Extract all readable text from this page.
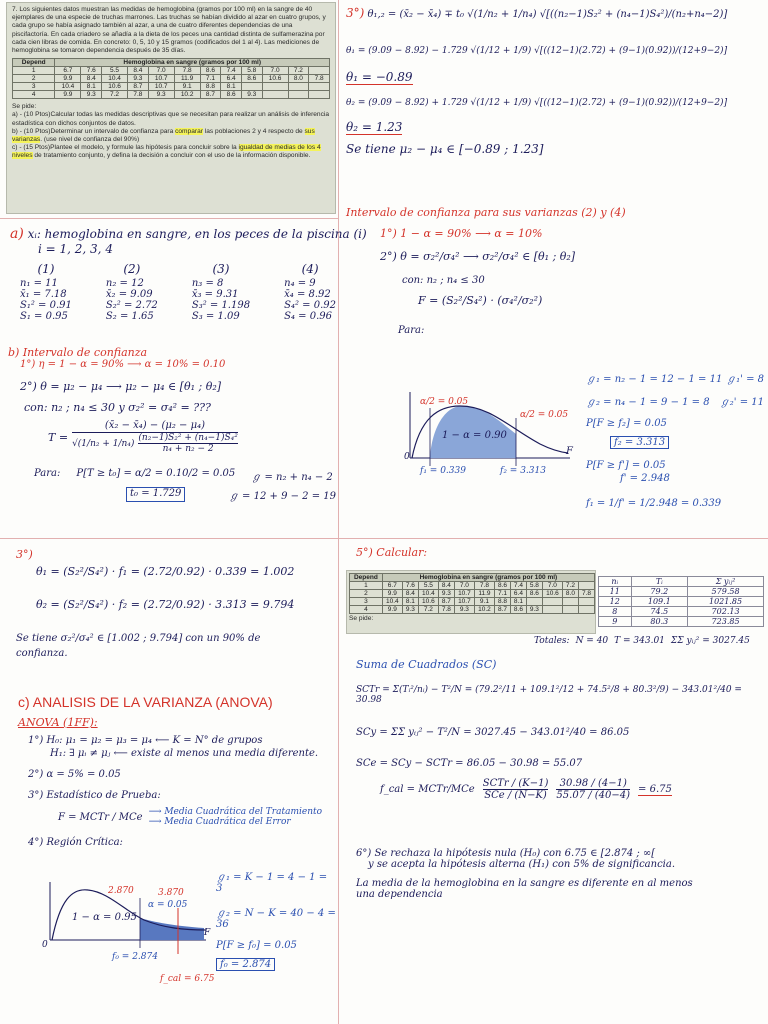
7. Los siguientes datos muestran las medidas de hemoglobina (gramos por 100 ml) en la sangre de 40 ejemplares de una especie de truchas marrones. Las truchas se habían dividido al azar en cuatro grupos, y cada grupo se había asignado también al azar, a una de cuatro diferentes dependencias de una piscifactoría. En cada criadero se añadía a la dieta de los peces una cantidad distinta de sulfamerazina por cada cien libras de comida. En concreto: 0, 5, 10 y 15 gramos (codificados del 1 al 4). Las mediciones de hemoglobina se tomaron dependencia después de 35 días.
Depend	Hemoglobina en sangre (gramos por 100 ml)											
1	6.7	7.6	5.5	8.4	7.0	7.8	8.6	7.4	5.8	7.0	7.2	
2	9.9	8.4	10.4	9.3	10.7	11.9	7.1	6.4	8.6	10.6	8.0	7.8
3	10.4	8.1	10.6	8.7	10.7	9.1	8.8	8.1				
4	9.9	9.3	7.2	7.8	9.3	10.2	8.7	8.6	9.3			
Se pide:
a) - (10 Ptos)Calcular todas las medidas descriptivas que se necesitan para realizar un análisis de inferencia estadística con dichos conjuntos de datos.
b) - (10 Ptos)Determinar un intervalo de confianza para comparar las poblaciones 2 y 4 respecto de sus varianzas. (use nivel de confianza del 90%)
c) - (15 Ptos)Plantee el modelo, y formule las hipótesis para concluir sobre la igualdad de medias de los 4 niveles de tratamiento conjunto, y defina la decisión a concluir con el uso de la información disponible.
a) xᵢ: hemoglobina en sangre, en los peces de la piscina (i)
i = 1, 2, 3, 4
(1)
n₁ = 11
x̄₁ = 7.18
S₁² = 0.91
S₁ = 0.95
(2)
n₂ = 12
x̄₂ = 9.09
S₂² = 2.72
S₂ = 1.65
(3)
n₃ = 8
x̄₃ = 9.31
S₃² = 1.198
S₃ = 1.09
(4)
n₄ = 9
x̄₄ = 8.92
S₄² = 0.92
S₄ = 0.96
b) Intervalo de confianza
1°) η = 1 − α = 90% ⟶ α = 10% = 0.10
2°) θ = μ₂ − μ₄ ⟶ μ₂ − μ₄ ∈ [θ₁ ; θ₂]
con: n₂ ; n₄ ≤ 30 y σ₂² = σ₄² = ???
T =
(x̄₂ − x̄₄) − (μ₂ − μ₄)
$√(1/n_2 + 1/n_4) \frac{\text{(n₂−1)S₂² + (n₄−1)S₄²}}{\text{n₄ + n₂ − 2}}$
Para: P[T ≥ t₀] = α/2 = 0.10/2 = 0.05 ℊ = n₂ + n₄ − 2
t₀ = 1.729	ℊ = 12 + 9 − 2 = 19
3°) θ₁,₂ = (x̄₂ − x̄₄) ∓ t₀ √(1/n₂ + 1/n₄) √[((n₂−1)S₂² + (n₄−1)S₄²)/(n₂+n₄−2)]
θ₁ = (9.09 − 8.92) − 1.729 √(1/12 + 1/9) √[((12−1)(2.72) + (9−1)(0.92))/(12+9−2)]
θ₁ = −0.89
θ₂ = (9.09 − 8.92) + 1.729 √(1/12 + 1/9) √[((12−1)(2.72) + (9−1)(0.92))/(12+9−2)]
θ₂ = 1.23
Se tiene μ₂ − μ₄ ∈ [−0.89 ; 1.23]
Intervalo de confianza para sus varianzas (2) y (4)
1°) 1 − α = 90% ⟶ α = 10%
2°) θ = σ₂²/σ₄² ⟶ σ₂²/σ₄² ∈ [θ₁ ; θ₂]
con: n₂ ; n₄ ≤ 30
F = (S₂²/S₄²) · (σ₄²/σ₂²)
Para:
1 − α = 0.90
α/2 = 0.05
α/2 = 0.05
f₁ = 0.339	f₂ = 3.313
F
0
ℊ₁ = n₂ − 1 = 12 − 1 = 11 ℊ₁' = 8
ℊ₂ = n₄ − 1 = 9 − 1 = 8 ℊ₂' = 11
P[F ≥ f₂] = 0.05
f₂ = 3.313
P[F ≥ f'] = 0.05
f' = 2.948
f₁ = 1/f' = 1/2.948 = 0.339
3°)
θ₁ = (S₂²/S₄²) · f₁ = (2.72/0.92) · 0.339 = 1.002
θ₂ = (S₂²/S₄²) · f₂ = (2.72/0.92) · 3.313 = 9.794
Se tiene σ₂²/σ₄² ∈ [1.002 ; 9.794] con un 90% de
confianza.
c) ANALISIS DE LA VARIANZA (ANOVA)
ANOVA (1FF):
1°) H₀: μ₁ = μ₂ = μ₃ = μ₄ ⟵ K = N° de grupos
H₁: ∃ μᵢ ≠ μⱼ ⟵ existe al menos una media diferente.
2°) α = 5% = 0.05
3°) Estadístico de Prueba:
F = MCTr / MCe ⟶ Media Cuadrática del Tratamiento
⟶ Media Cuadrática del Error
4°) Región Crítica:
1 − α = 0.95
α = 0.05
2.870	3.870
f₀ = 2.874
f_cal = 6.75
F
0
ℊ₁ = K − 1 = 4 − 1 = 3
ℊ₂ = N − K = 40 − 4 = 36
P[F ≥ f₀] = 0.05
f₀ = 2.874
5°) Calcular:
Depend	Hemoglobina en sangre (gramos por 100 ml)											
1	6.7	7.6	5.5	8.4	7.0	7.8	8.6	7.4	5.8	7.0	7.2	
2	9.9	8.4	10.4	9.3	10.7	11.9	7.1	6.4	8.6	10.6	8.0	7.8
3	10.4	8.1	10.6	8.7	10.7	9.1	8.8	8.1				
4	9.9	9.3	7.2	7.8	9.3	10.2	8.7	8.6	9.3			
Se pide:
nᵢ	Tᵢ	Σ yᵢⱼ²
11	79.2	579.58
12	109.1	1021.85
8	74.5	702.13
9	80.3	723.85
Totales: N = 40 T = 343.01 ΣΣ yᵢⱼ² = 3027.45
Suma de Cuadrados (SC)
SCTr = Σ(Tᵢ²/nᵢ) − T²/N = (79.2²/11 + 109.1²/12 + 74.5²/8 + 80.3²/9) − 343.01²/40 = 30.98
SCy = ΣΣ yᵢⱼ² − T²/N = 3027.45 − 343.01²/40 = 86.05
SCe = SCy − SCTr = 86.05 − 30.98 = 55.07
f_cal = MCTr/MCe
SCTr / (K−1)
SCe / $(N-K) \frac{30.98 / (4-1)}{55.07 / (40-4)} = 6.75$
6°) Se rechaza la hipótesis nula (H₀) con 6.75 ∈ [2.874 ; ∞[
y se acepta la hipótesis alterna (H₁) con 5% de significancia.
La media de la hemoglobina en la sangre es diferente en al menos
una dependencia
